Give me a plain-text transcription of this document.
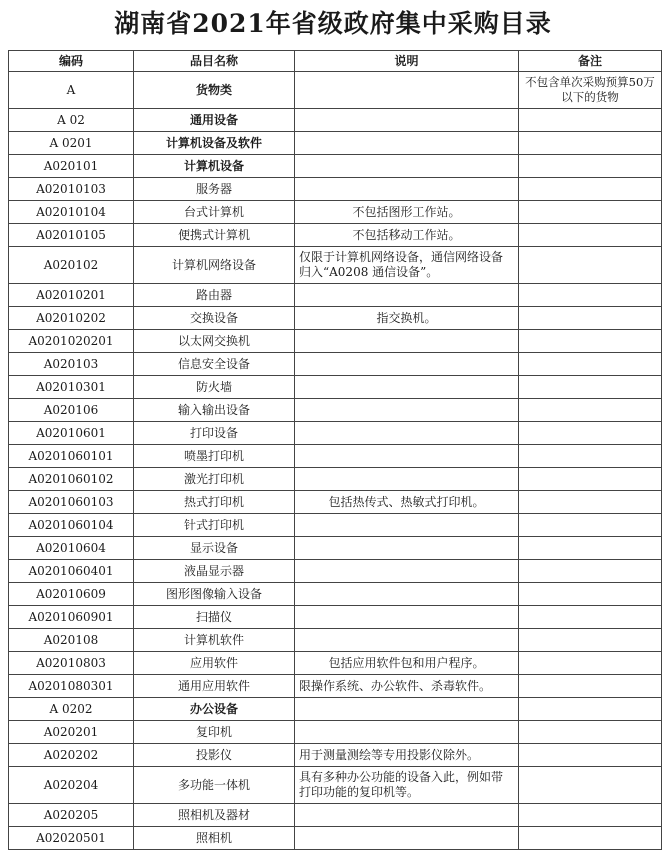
湖南省2021年省级政府集中采购目录
编码	品目名称	说明	备注
A	货物类		不包含单次采购预算50万以下的货物
A 02	通用设备		
A 0201	计算机设备及软件		
A020101	计算机设备		
A02010103	服务器		
A02010104	台式计算机	不包括图形工作站。	
A02010105	便携式计算机	不包括移动工作站。	
A020102	计算机网络设备	仅限于计算机网络设备，通信网络设备归入“A0208 通信设备”。	
A02010201	路由器		
A02010202	交换设备	指交换机。	
A0201020201	以太网交换机		
A020103	信息安全设备		
A02010301	防火墙		
A020106	输入输出设备		
A02010601	打印设备		
A0201060101	喷墨打印机		
A0201060102	激光打印机		
A0201060103	热式打印机	包括热传式、热敏式打印机。	
A0201060104	针式打印机		
A02010604	显示设备		
A0201060401	液晶显示器		
A02010609	图形图像输入设备		
A0201060901	扫描仪		
A020108	计算机软件		
A02010803	应用软件	包括应用软件包和用户程序。	
A0201080301	通用应用软件	限操作系统、办公软件、杀毒软件。	
A 0202	办公设备		
A020201	复印机		
A020202	投影仪	用于测量测绘等专用投影仪除外。	
A020204	多功能一体机	具有多种办公功能的设备入此，例如带打印功能的复印机等。	
A020205	照相机及器材		
A02020501	照相机		
